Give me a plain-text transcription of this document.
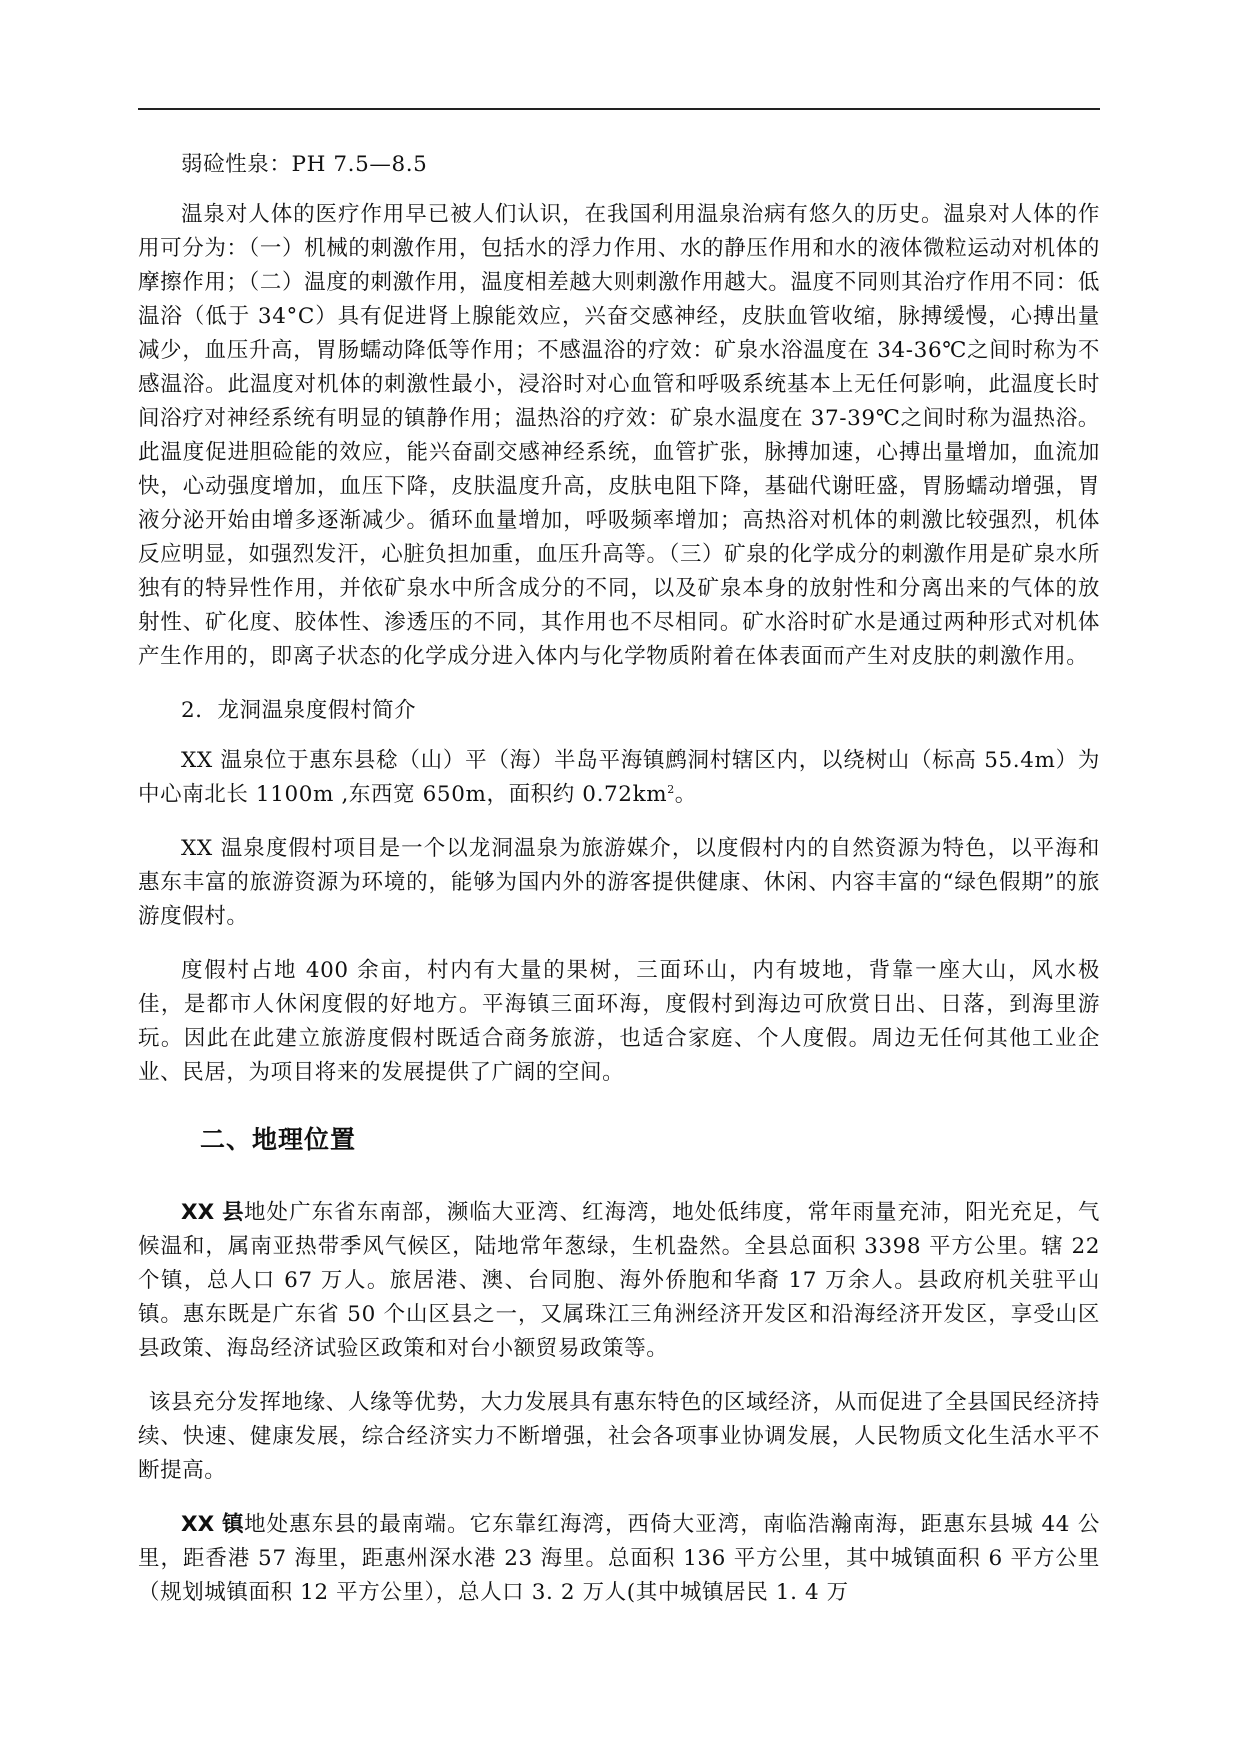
弱硷性泉：PH 7.5—8.5

温泉对人体的医疗作用早已被人们认识，在我国利用温泉治病有悠久的历史。温泉对人体的作用可分为：（一）机械的刺激作用，包括水的浮力作用、水的静压作用和水的液体微粒运动对机体的摩擦作用；（二）温度的刺激作用，温度相差越大则刺激作用越大。温度不同则其治疗作用不同：低温浴（低于 34°C）具有促进肾上腺能效应，兴奋交感神经，皮肤血管收缩，脉搏缓慢，心搏出量减少，血压升高，胃肠蠕动降低等作用；不感温浴的疗效：矿泉水浴温度在 34-36℃之间时称为不感温浴。此温度对机体的刺激性最小，浸浴时对心血管和呼吸系统基本上无任何影响，此温度长时间浴疗对神经系统有明显的镇静作用；温热浴的疗效：矿泉水温度在 37-39℃之间时称为温热浴。此温度促进胆硷能的效应，能兴奋副交感神经系统，血管扩张，脉搏加速，心搏出量增加，血流加快，心动强度增加，血压下降，皮肤温度升高，皮肤电阻下降，基础代谢旺盛，胃肠蠕动增强，胃液分泌开始由增多逐渐减少。循环血量增加，呼吸频率增加；高热浴对机体的刺激比较强烈，机体反应明显，如强烈发汗，心脏负担加重，血压升高等。（三）矿泉的化学成分的刺激作用是矿泉水所独有的特异性作用，并依矿泉水中所含成分的不同，以及矿泉本身的放射性和分离出来的气体的放射性、矿化度、胶体性、渗透压的不同，其作用也不尽相同。矿水浴时矿水是通过两种形式对机体产生作用的，即离子状态的化学成分进入体内与化学物质附着在体表面而产生对皮肤的刺激作用。

2．龙洞温泉度假村简介

XX 温泉位于惠东县稔（山）平（海）半岛平海镇鹧洞村辖区内，以绕树山（标高 55.4m）为中心南北长 1100m ,东西宽 650m，面积约 $0.72km^2$。

XX 温泉度假村项目是一个以龙洞温泉为旅游媒介，以度假村内的自然资源为特色，以平海和惠东丰富的旅游资源为环境的，能够为国内外的游客提供健康、休闲、内容丰富的“绿色假期”的旅游度假村。

度假村占地 400 余亩，村内有大量的果树，三面环山，内有坡地，背靠一座大山，风水极佳，是都市人休闲度假的好地方。平海镇三面环海，度假村到海边可欣赏日出、日落，到海里游玩。因此在此建立旅游度假村既适合商务旅游，也适合家庭、个人度假。周边无任何其他工业企业、民居，为项目将来的发展提供了广阔的空间。

二、地理位置

XX 县地处广东省东南部，濒临大亚湾、红海湾，地处低纬度，常年雨量充沛，阳光充足，气候温和，属南亚热带季风气候区，陆地常年葱绿，生机盎然。全县总面积 3398 平方公里。辖 22 个镇，总人口 67 万人。旅居港、澳、台同胞、海外侨胞和华裔 17 万余人。县政府机关驻平山镇。惠东既是广东省 50 个山区县之一，又属珠江三角洲经济开发区和沿海经济开发区，享受山区县政策、海岛经济试验区政策和对台小额贸易政策等。

该县充分发挥地缘、人缘等优势，大力发展具有惠东特色的区域经济，从而促进了全县国民经济持续、快速、健康发展，综合经济实力不断增强，社会各项事业协调发展，人民物质文化生活水平不断提高。

XX 镇地处惠东县的最南端。它东靠红海湾，西倚大亚湾，南临浩瀚南海，距惠东县城 44 公里，距香港 57 海里，距惠州深水港 23 海里。总面积 136 平方公里，其中城镇面积 6 平方公里（规划城镇面积 12 平方公里），总人口 3. 2 万人(其中城镇居民 1. 4 万
